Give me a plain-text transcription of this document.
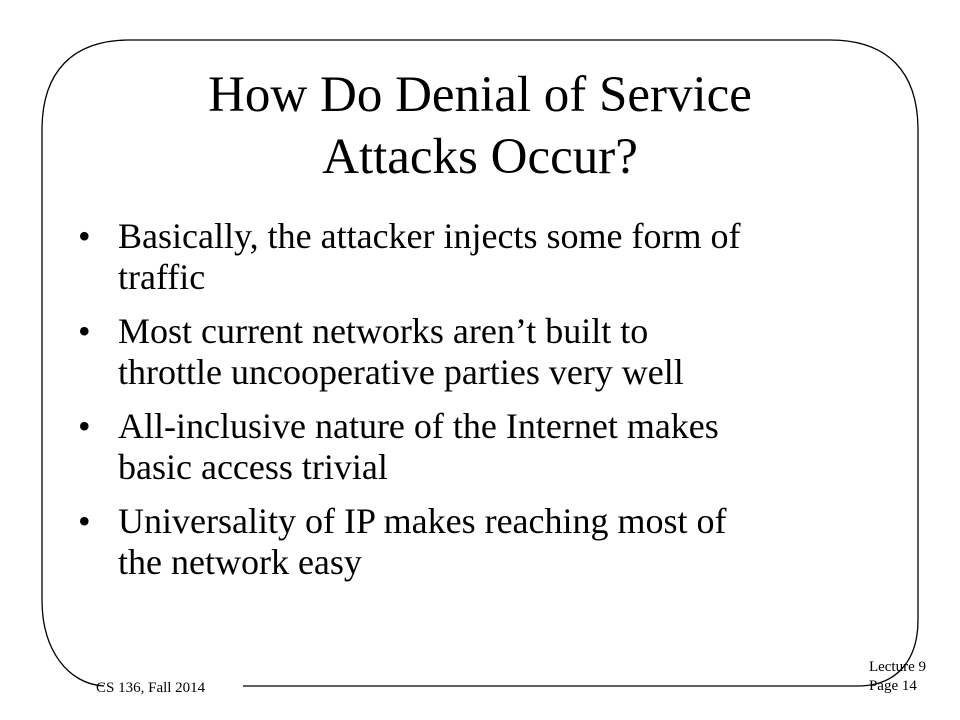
How Do Denial of Service
Attacks Occur?
• Basically, the attacker injects some form of
traffic
• Most current networks aren’t built to
throttle uncooperative parties very well
• All-inclusive nature of the Internet makes
basic access trivial
• Universality of IP makes reaching most of
the network easy
CS 136, Fall 2014
Lecture 9
Page 14
